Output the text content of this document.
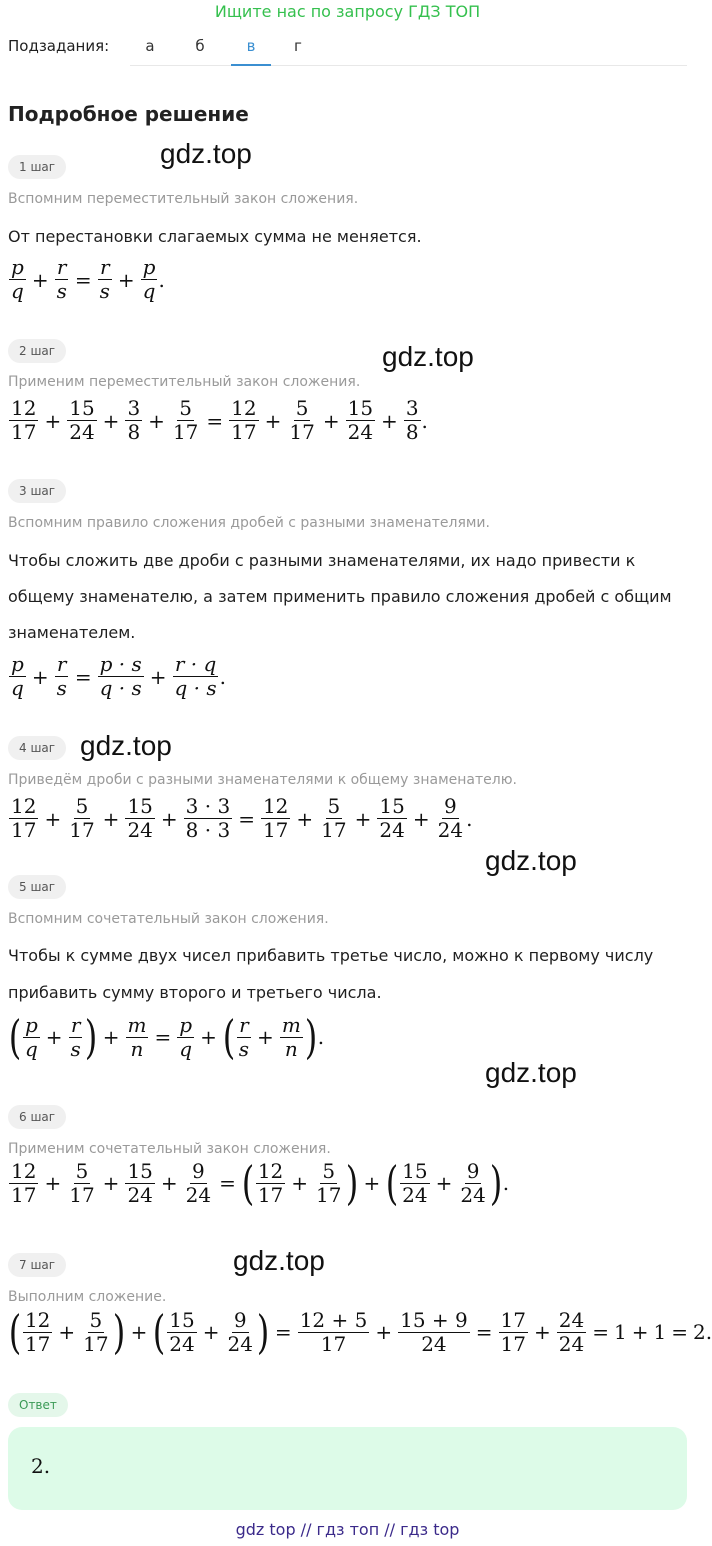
Ищите нас по запросу ГДЗ ТОП
Подзадания:	а	б	в	г
Подробное решение
1 шаг
Вспомним переместительный закон сложения.
От перестановки слагаемых сумма не меняется.
$\frac{p}{q} + \frac{r}{s} = \frac{r}{s} + \frac{p}{q}$ .
2 шаг
Применим переместительный закон сложения.
$\frac{12}{17} + \frac{15}{24} + \frac{3}{8} + \frac{5}{17} = \frac{12}{17} + \frac{5}{17} + \frac{15}{24} + \frac{3}{8}$ .
3 шаг
Вспомним правило сложения дробей с разными знаменателями.
Чтобы сложить две дроби с разными знаменателями, их надо привести к
общему знаменателю, а затем применить правило сложения дробей с общим
знаменателем.
$\frac{p}{q} + \frac{r}{s} = \frac{p \cdot s}{q \cdot s} + \frac{r \cdot q}{q \cdot s}$ .
4 шаг
Приведём дроби с разными знаменателями к общему знаменателю.
$\frac{12}{17} + \frac{5}{17} + \frac{15}{24} + \frac{3 \cdot 3}{8 \cdot 3} = \frac{12}{17} + \frac{5}{17} + \frac{15}{24} + \frac{9}{24}$ .
5 шаг
Вспомним сочетательный закон сложения.
Чтобы к сумме двух чисел прибавить третье число, можно к первому числу
прибавить сумму второго и третьего числа.
( $\frac{p}{q} + \frac{r}{s}$ ) + $\frac{m}{n} = \frac{p}{q}$ + ( $\frac{r}{s} + \frac{m}{n}$ ) .
6 шаг
Применим сочетательный закон сложения.
$\frac{12}{17} + \frac{5}{17} + \frac{15}{24} + \frac{9}{24}$ = ( $\frac{12}{17} + \frac{5}{17}$ ) + ( $\frac{15}{24} + \frac{9}{24}$ ) .
7 шаг
Выполним сложение.
( $\frac{12}{17} + \frac{5}{17}$ ) + ( $\frac{15}{24} + \frac{9}{24}$ ) = $\frac{12 + 5}{17} + \frac{15 + 9}{24} = \frac{17}{17} + \frac{24}{24} = 1 + 1 = 2$ .
Ответ
2.
gdz.top
gdz.top
gdz.top
gdz.top
gdz.top
gdz.top
gdz top // гдз топ // гдз top
